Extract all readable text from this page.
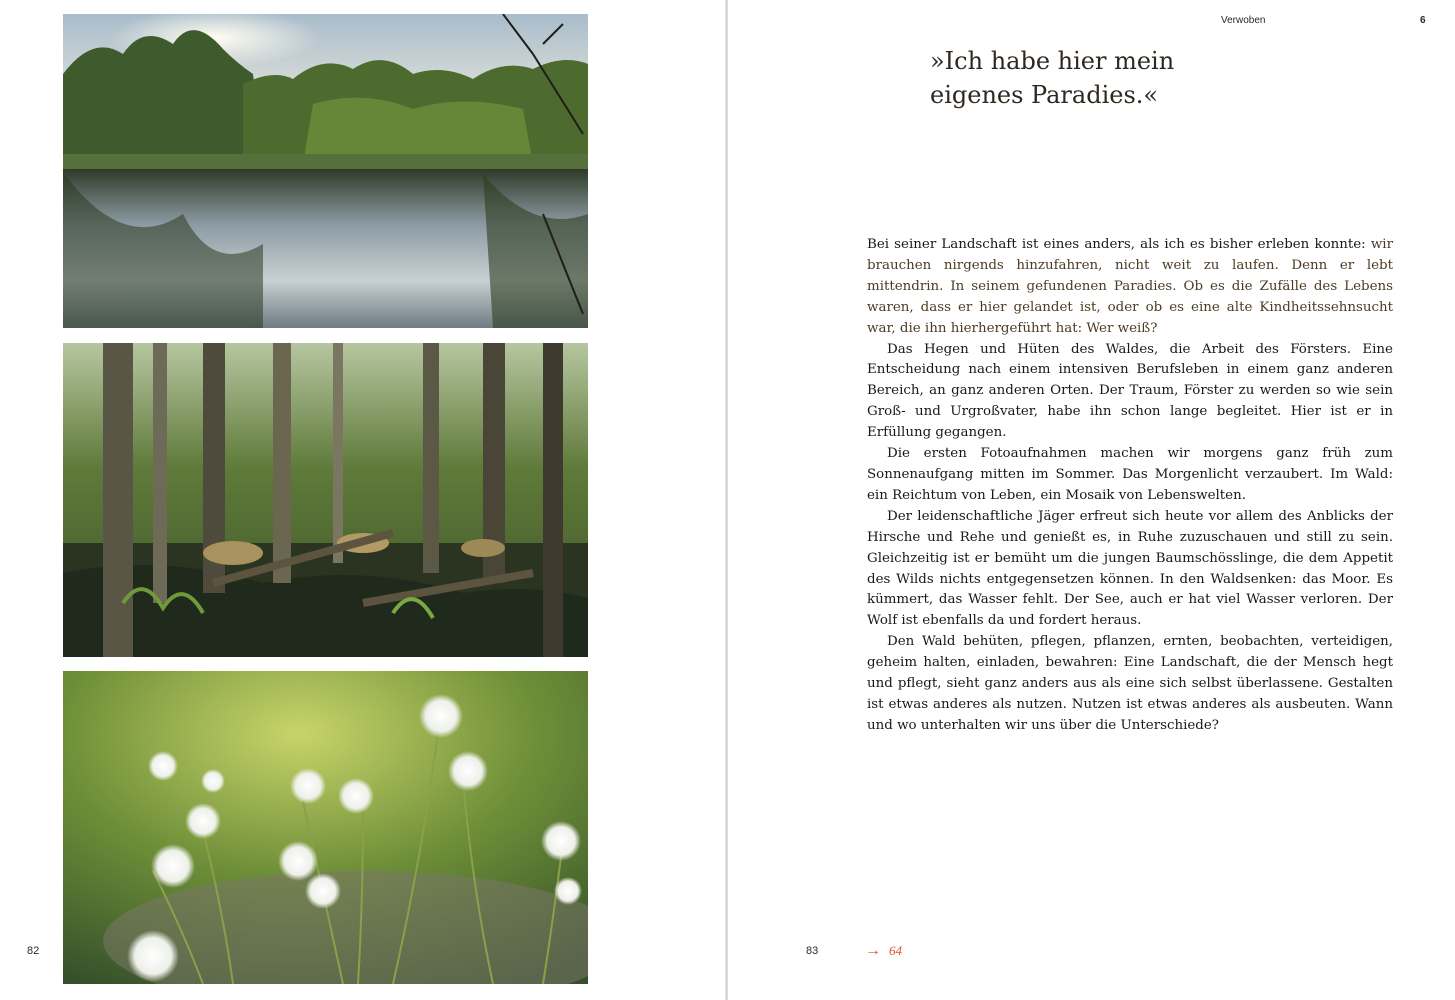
82
Verwoben	6
»Ich habe hier mein
eigenes Paradies.«

Bei seiner Landschaft ist eines anders, als ich es bisher erleben konnte: wir brauchen nirgends hinzufahren, nicht weit zu laufen. Denn er lebt mittendrin. In seinem gefundenen Paradies. Ob es die Zufälle des Lebens waren, dass er hier gelandet ist, oder ob es eine alte Kindheitssehnsucht war, die ihn hierhergeführt hat: Wer weiß?

Das Hegen und Hüten des Waldes, die Arbeit des Försters. Eine Entscheidung nach einem intensiven Berufsleben in einem ganz anderen Bereich, an ganz anderen Orten. Der Traum, Förster zu werden so wie sein Groß- und Urgroßvater, habe ihn schon lange begleitet. Hier ist er in Erfüllung gegangen.

Die ersten Fotoaufnahmen machen wir morgens ganz früh zum Sonnenaufgang mitten im Sommer. Das Morgenlicht verzaubert. Im Wald: ein Reichtum von Leben, ein Mosaik von Lebenswelten.

Der leidenschaftliche Jäger erfreut sich heute vor allem des Anblicks der Hirsche und Rehe und genießt es, in Ruhe zuzuschauen und still zu sein. Gleichzeitig ist er bemüht um die jungen Baumschösslinge, die dem Appetit des Wilds nichts entgegensetzen können. In den Waldsenken: das Moor. Es kümmert, das Wasser fehlt. Der See, auch er hat viel Wasser verloren. Der Wolf ist ebenfalls da und fordert heraus.

Den Wald behüten, pflegen, pflanzen, ernten, beobachten, verteidigen, geheim halten, einladen, bewahren: Eine Landschaft, die der Mensch hegt und pflegt, sieht ganz anders aus als eine sich selbst überlassene. Gestalten ist etwas anderes als nutzen. Nutzen ist etwas anderes als ausbeuten. Wann und wo unterhalten wir uns über die Unterschiede?

83	→ 64
